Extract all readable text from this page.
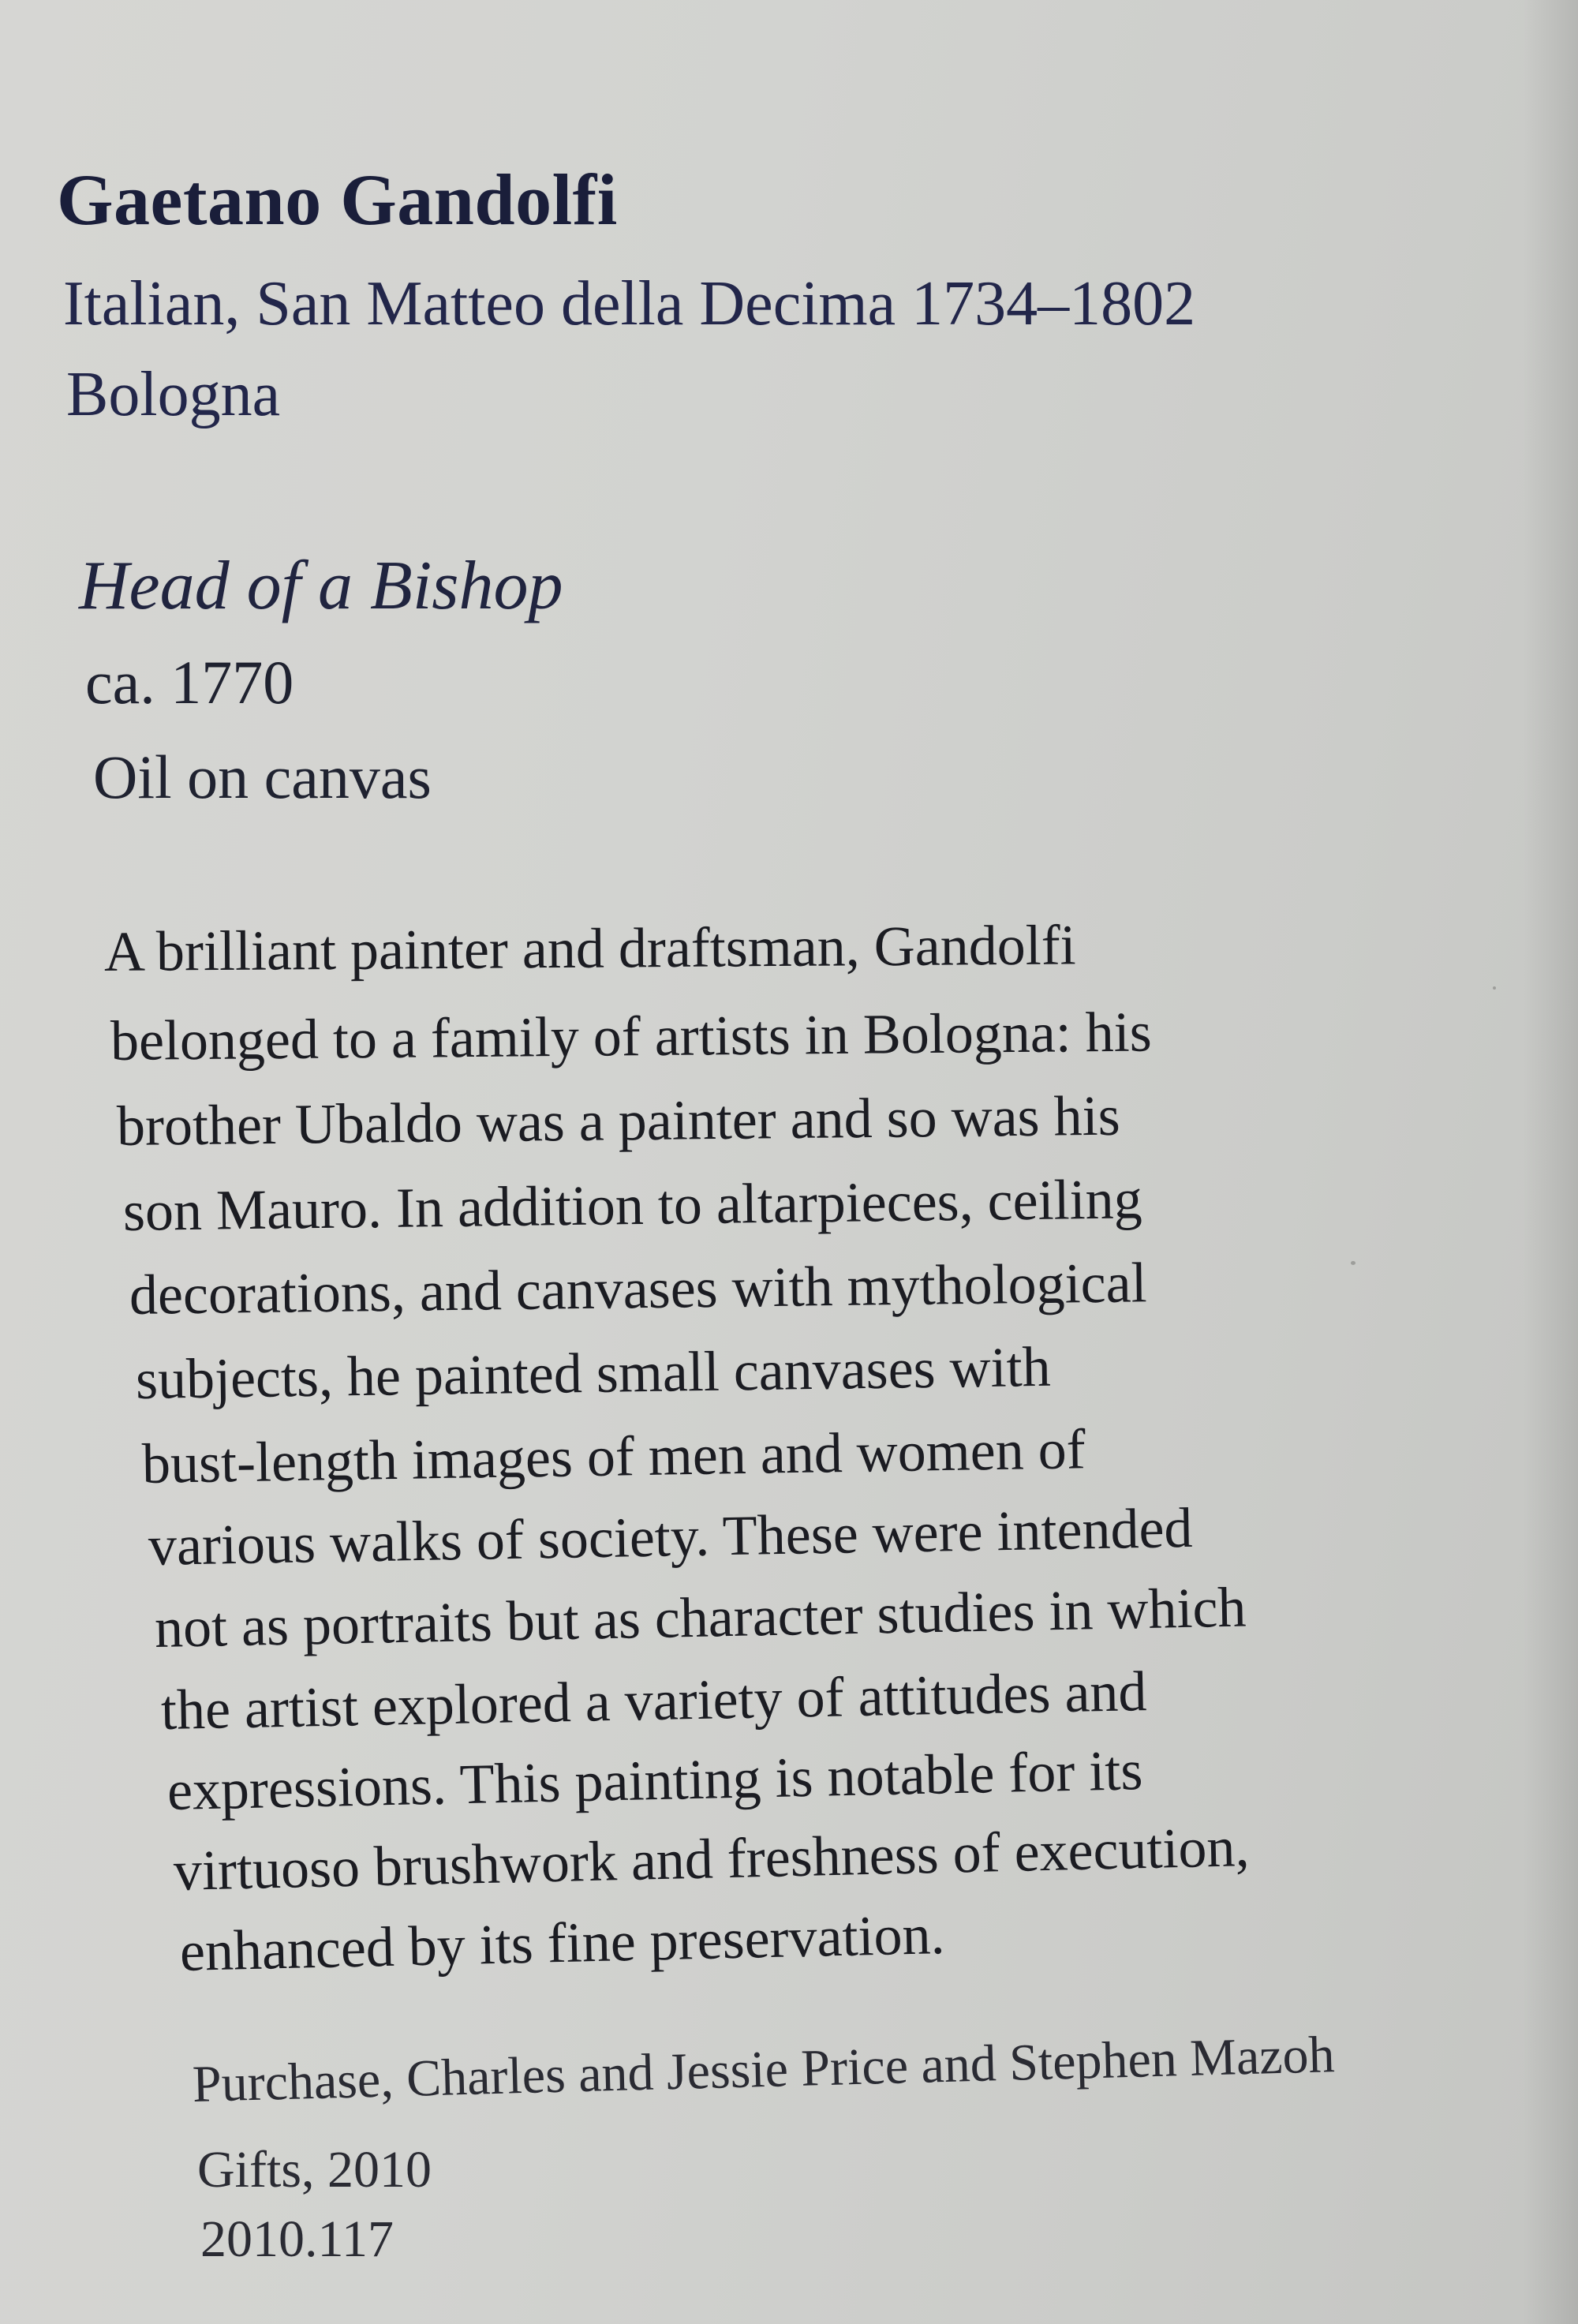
Gaetano Gandolfi

Italian, San Matteo della Decima 1734–1802

Bologna

Head of a Bishop

ca. 1770

Oil on canvas

A brilliant painter and draftsman, Gandolfi

belonged to a family of artists in Bologna: his

brother Ubaldo was a painter and so was his

son Mauro. In addition to altarpieces, ceiling

decorations, and canvases with mythological

subjects, he painted small canvases with

bust-length images of men and women of

various walks of society. These were intended

not as portraits but as character studies in which

the artist explored a variety of attitudes and

expressions. This painting is notable for its

virtuoso brushwork and freshness of execution,

enhanced by its fine preservation.

Purchase, Charles and Jessie Price and Stephen Mazoh

Gifts, 2010

2010.117
